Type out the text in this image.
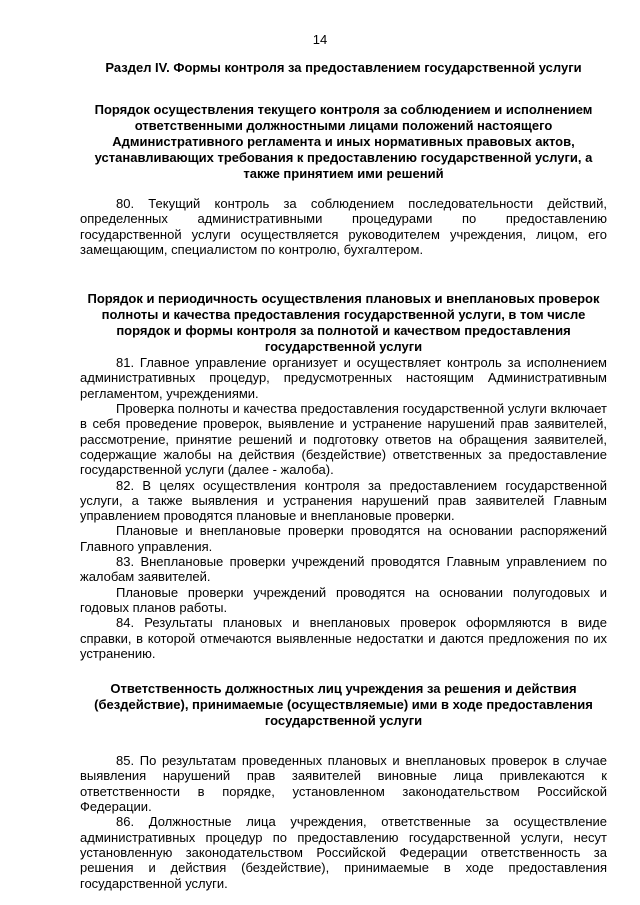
14

Раздел IV. Формы контроля за предоставлением государственной услуги

Порядок осуществления текущего контроля за соблюдением и исполнением ответственными должностными лицами положений настоящего Административного регламента и иных нормативных правовых актов, устанавливающих требования к предоставлению государственной услуги, а также принятием ими решений

80. Текущий контроль за соблюдением последовательности действий, определенных административными процедурами по предоставлению государственной услуги осуществляется руководителем учреждения, лицом, его замещающим, специалистом по контролю, бухгалтером.

Порядок и периодичность осуществления плановых и внеплановых проверок полноты и качества предоставления государственной услуги, в том числе порядок и формы контроля за полнотой и качеством предоставления государственной услуги

81. Главное управление организует и осуществляет контроль за исполнением административных процедур, предусмотренных настоящим Административным регламентом, учреждениями.

Проверка полноты и качества предоставления государственной услуги включает в себя проведение проверок, выявление и устранение нарушений прав заявителей, рассмотрение, принятие решений и подготовку ответов на обращения заявителей, содержащие жалобы на действия (бездействие) ответственных за предоставление государственной услуги (далее - жалоба).

82. В целях осуществления контроля за предоставлением государственной услуги, а также выявления и устранения нарушений прав заявителей Главным управлением проводятся плановые и внеплановые проверки.

Плановые и внеплановые проверки проводятся на основании распоряжений Главного управления.

83. Внеплановые проверки учреждений проводятся Главным управлением по жалобам заявителей.

Плановые проверки учреждений проводятся на основании полугодовых и годовых планов работы.

84. Результаты плановых и внеплановых проверок оформляются в виде справки, в которой отмечаются выявленные недостатки и даются предложения по их устранению.

Ответственность должностных лиц учреждения за решения и действия (бездействие), принимаемые (осуществляемые) ими в ходе предоставления государственной услуги

85. По результатам проведенных плановых и внеплановых проверок в случае выявления нарушений прав заявителей виновные лица привлекаются к ответственности в порядке, установленном законодательством Российской Федерации.

86. Должностные лица учреждения, ответственные за осуществление административных процедур по предоставлению государственной услуги, несут установленную законодательством Российской Федерации ответственность за решения и действия (бездействие), принимаемые в ходе предоставления государственной услуги.
